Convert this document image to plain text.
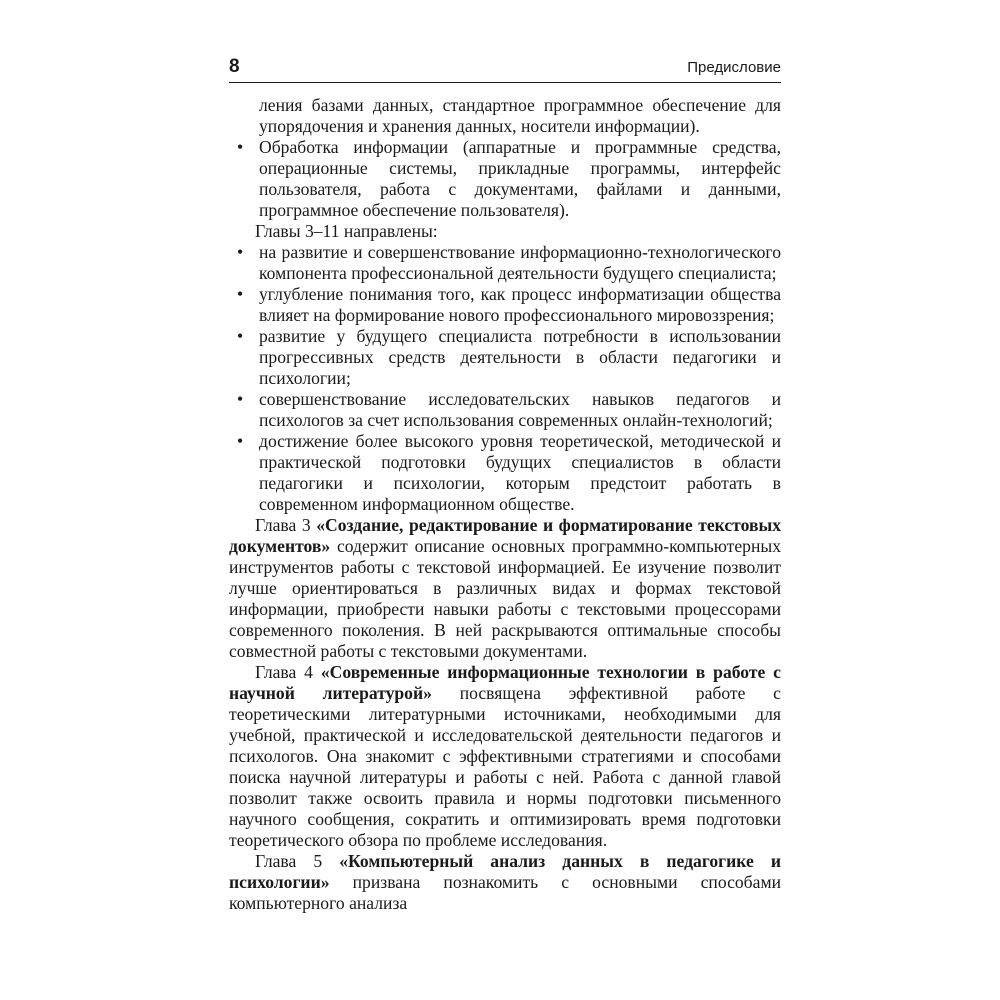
8	Предисловие

ления базами данных, стандартное программное обеспечение для упорядочения и хранения данных, носители информации).

• Обработка информации (аппаратные и программные средства, операционные системы, прикладные программы, интерфейс пользователя, работа с документами, файлами и данными, программное обеспечение пользователя).

Главы 3–11 направлены:

• на развитие и совершенствование информационно-технологического компонента профессиональной деятельности будущего специалиста;
• углубление понимания того, как процесс информатизации общества влияет на формирование нового профессионального мировоззрения;
• развитие у будущего специалиста потребности в использовании прогрессивных средств деятельности в области педагогики и психологии;
• совершенствование исследовательских навыков педагогов и психологов за счет использования современных онлайн-технологий;
• достижение более высокого уровня теоретической, методической и практической подготовки будущих специалистов в области педагогики и психологии, которым предстоит работать в современном информационном обществе.

Глава 3 «Создание, редактирование и форматирование текстовых документов» содержит описание основных программно-компьютерных инструментов работы с текстовой информацией. Ее изучение позволит лучше ориентироваться в различных видах и формах текстовой информации, приобрести навыки работы с текстовыми процессорами современного поколения. В ней раскрываются оптимальные способы совместной работы с текстовыми документами.

Глава 4 «Современные информационные технологии в работе с научной литературой» посвящена эффективной работе с теоретическими литературными источниками, необходимыми для учебной, практической и исследовательской деятельности педагогов и психологов. Она знакомит с эффективными стратегиями и способами поиска научной литературы и работы с ней. Работа с данной главой позволит также освоить правила и нормы подготовки письменного научного сообщения, сократить и оптимизировать время подготовки теоретического обзора по проблеме исследования.

Глава 5 «Компьютерный анализ данных в педагогике и психологии» призвана познакомить с основными способами компьютерного анализа
